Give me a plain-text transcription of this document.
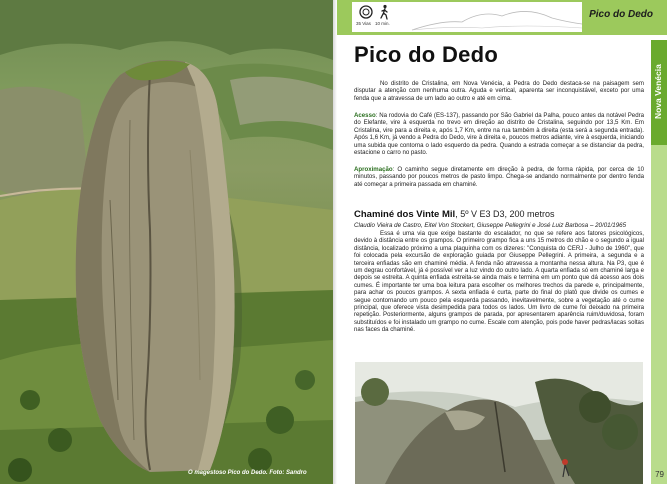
O magestoso Pico do Dedo. Foto: Sandro
Pico do Dedo
35 Vias 10 min.
Nova Venécia
79
Pico do Dedo
No distrito de Cristalina, em Nova Venécia, a Pedra do Dedo destaca-se na paisagem sem disputar a atenção com nenhuma outra. Aguda e vertical, aparenta ser inconquistável, exceto por uma fenda que a atravessa de um lado ao outro e até em cima.
Acesso: Na rodovia do Café (ES-137), passando por São Gabriel da Palha, pouco antes da notável Pedra do Elefante, vire à esquerda no trevo em direção ao distrito de Cristalina, seguindo por 13,5 Km. Em Cristalina, vire para a direita e, após 1,7 Km, entre na rua também à direita (esta será a segunda entrada). Após 1,6 Km, já vendo a Pedra do Dedo, vire à direita e, poucos metros adiante, vire à esquerda, iniciando uma subida que contorna o lado esquerdo da pedra. Quando a estrada começar a se distanciar da pedra, estacione o carro no pasto.
Aproximação: O caminho segue diretamente em direção à pedra, de forma rápida, por cerca de 10 minutos, passando por poucos metros de pasto limpo. Chega-se andando normalmente por dentro fenda até começar a primeira passada em chaminé.
Chaminé dos Vinte Mil, 5º V E3 D3, 200 metros
Claudio Vieira de Castro, Eitel Von Stockert, Giuseppe Pellegrini e José Luiz Barbosa – 20/01/1965
Essa é uma via que exige bastante do escalador, no que se refere aos fatores psicológicos, devido à distância entre os grampos. O primeiro grampo fica a uns 15 metros do chão e o segundo a igual distância, localizado próximo a uma plaquinha com os dizeres: "Conquista do CERJ - Julho de 1960", que foi colocada pela excursão de exploração guiada por Giuseppe Pellegrini. A primeira, a segunda e a terceira enfiadas são em chaminé média. A fenda não atravessa a montanha nessa altura. Na P3, que é um degrau confortável, já é possível ver a luz vindo do outro lado. A quarta enfiada só em chaminé larga e depois se estreita. A quinta enfiada estreita-se ainda mais e termina em um ponto que dá acesso aos dois cumes. É importante ter uma boa leitura para escolher os melhores trechos da parede e, principalmente, para achar os poucos grampos. A sexta enfiada é curta, parte do final do platô que divide os cumes e segue contornando um pouco pela esquerda passando, inevitavelmente, sobre a vegetação até o cume principal, que oferece vista desimpedida para todos os lados. Um livro de cume foi deixado na primeira repetição. Posteriormente, alguns grampos de parada, por apresentarem aparência ruim/duvidosa, foram substituídos e foi instalado um grampo no cume. Escale com atenção, pois pode haver pedras/lacas soltas nas faces da chaminé.
